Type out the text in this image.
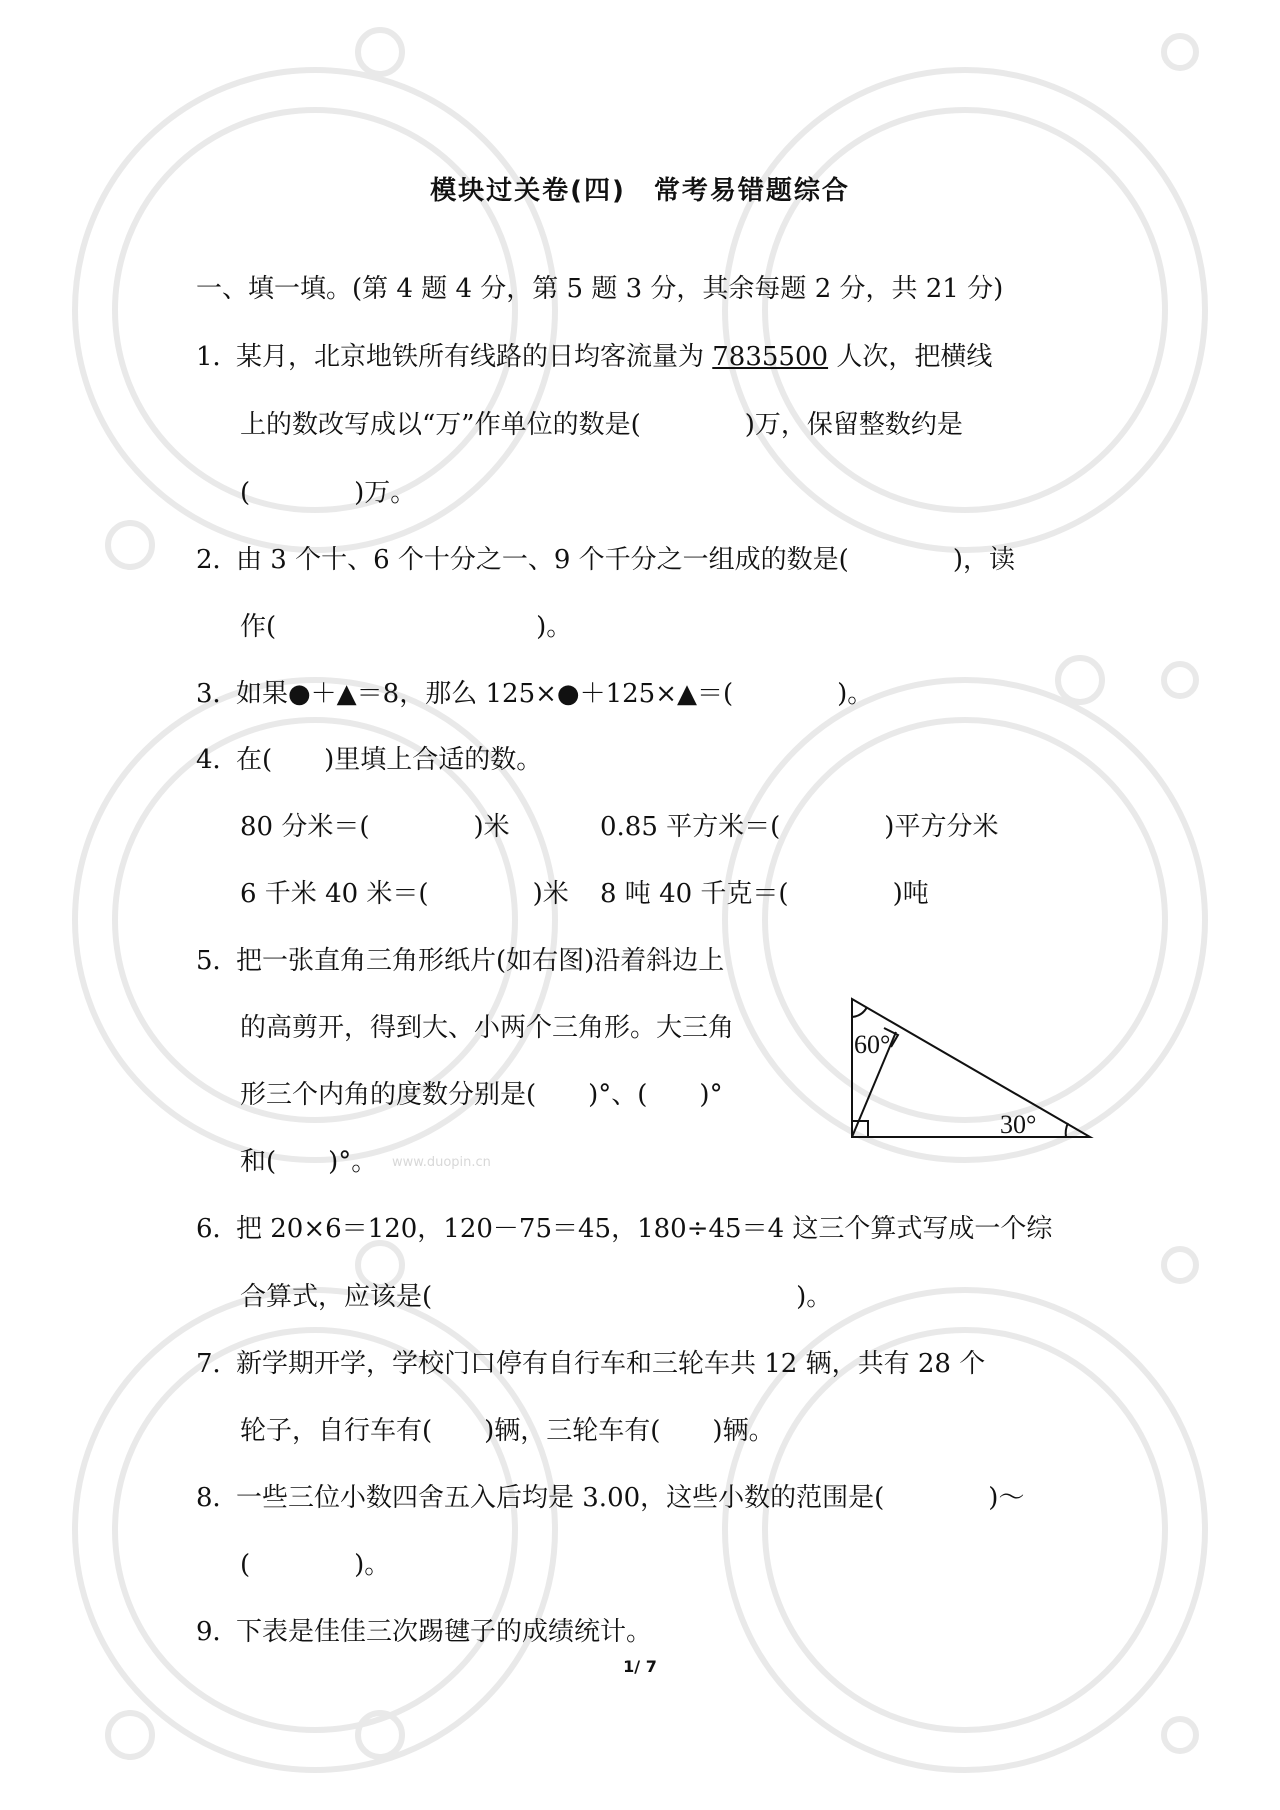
模块过关卷(四)　常考易错题综合
一、填一填。(第 4 题 4 分，第 5 题 3 分，其余每题 2 分，共 21 分)
1．某月，北京地铁所有线路的日均客流量为 7835500 人次，把横线
上的数改写成以“万”作单位的数是(　　　　)万，保留整数约是
(　　　　)万。
2．由 3 个十、6 个十分之一、9 个千分之一组成的数是(　　　　)，读
作(　　　　　　　　　　)。
3．如果●＋▲＝8，那么 125×●＋125×▲＝(　　　　)。
4．在(　　)里填上合适的数。
80 分米＝(　　　　)米	0.85 平方米＝(　　　　)平方分米
6 千米 40 米＝(　　　　)米 8 吨 40 千克＝(　　　　)吨
5．把一张直角三角形纸片(如右图)沿着斜边上
的高剪开，得到大、小两个三角形。大三角
形三个内角的度数分别是(　　)°、(　　)°
和(　　)°。 www.duopin.cn
60°
30°
6．把 20×6＝120，120－75＝45，180÷45＝4 这三个算式写成一个综
合算式，应该是(　　　　　　　　　　　　　　)。
7．新学期开学，学校门口停有自行车和三轮车共 12 辆，共有 28 个
轮子，自行车有(　　)辆，三轮车有(　　)辆。
8．一些三位小数四舍五入后均是 3.00，这些小数的范围是(　　　　)～
(　　　　)。
9．下表是佳佳三次踢毽子的成绩统计。
1/ 7
